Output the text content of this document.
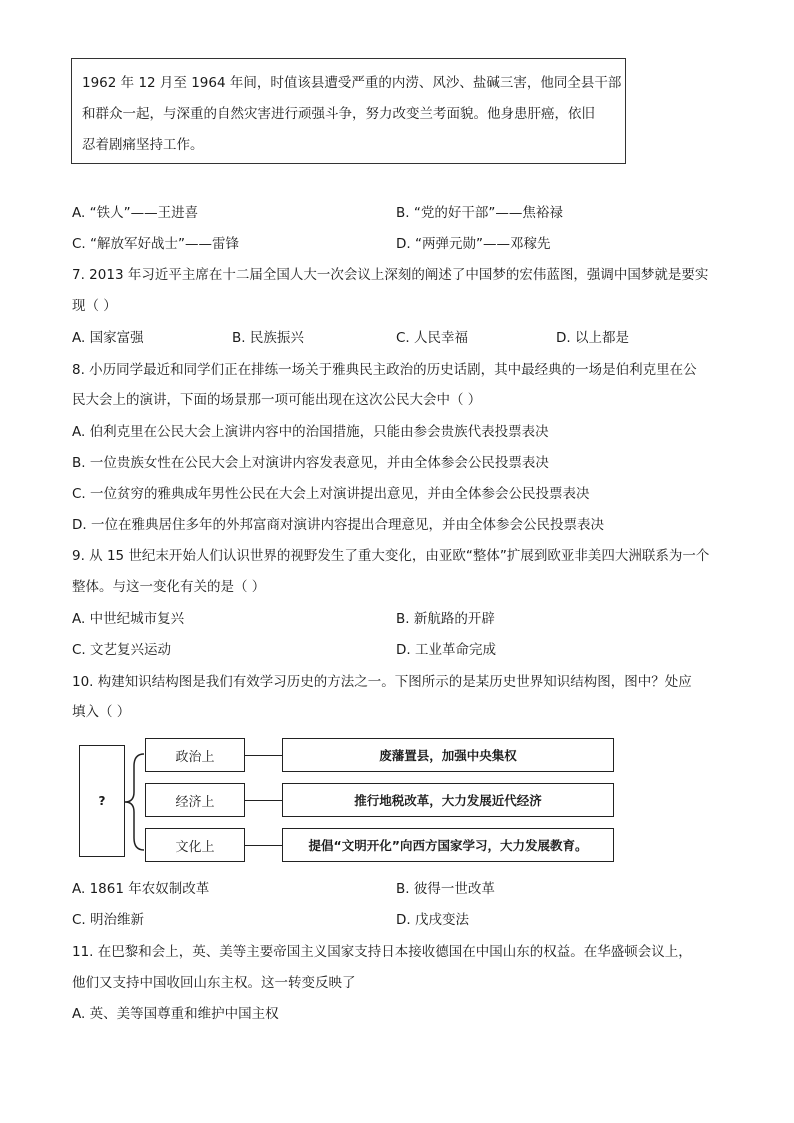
1962 年 12 月至 1964 年间，时值该县遭受严重的内涝、风沙、盐碱三害，他同全县干部
和群众一起，与深重的自然灾害进行顽强斗争，努力改变兰考面貌。他身患肝癌，依旧
忍着剧痛坚持工作。
A. “铁人”——王进喜	B. “党的好干部”——焦裕禄
C. “解放军好战士”——雷锋	D. “两弹元勋”——邓稼先
7. 2013 年习近平主席在十二届全国人大一次会议上深刻的阐述了中国梦的宏伟蓝图，强调中国梦就是要实
现（ ）
A. 国家富强	B. 民族振兴	C. 人民幸福	D. 以上都是
8. 小历同学最近和同学们正在排练一场关于雅典民主政治的历史话剧，其中最经典的一场是伯利克里在公
民大会上的演讲，下面的场景那一项可能出现在这次公民大会中（ ）
A. 伯利克里在公民大会上演讲内容中的治国措施，只能由参会贵族代表投票表决
B. 一位贵族女性在公民大会上对演讲内容发表意见，并由全体参会公民投票表决
C. 一位贫穷的雅典成年男性公民在大会上对演讲提出意见，并由全体参会公民投票表决
D. 一位在雅典居住多年的外邦富商对演讲内容提出合理意见，并由全体参会公民投票表决
9. 从 15 世纪末开始人们认识世界的视野发生了重大变化，由亚欧“整体”扩展到欧亚非美四大洲联系为一个
整体。与这一变化有关的是（ ）
A. 中世纪城市复兴	B. 新航路的开辟
C. 文艺复兴运动	D. 工业革命完成
10. 构建知识结构图是我们有效学习历史的方法之一。下图所示的是某历史世界知识结构图，图中？处应
填入（ ）
?
政治上	废藩置县，加强中央集权
经济上	推行地税改革，大力发展近代经济
文化上	提倡“文明开化”向西方国家学习，大力发展教育。
A. 1861 年农奴制改革	B. 彼得一世改革
C. 明治维新	D. 戊戌变法
11. 在巴黎和会上，英、美等主要帝国主义国家支持日本接收德国在中国山东的权益。在华盛顿会议上，
他们又支持中国收回山东主权。这一转变反映了
A. 英、美等国尊重和维护中国主权
